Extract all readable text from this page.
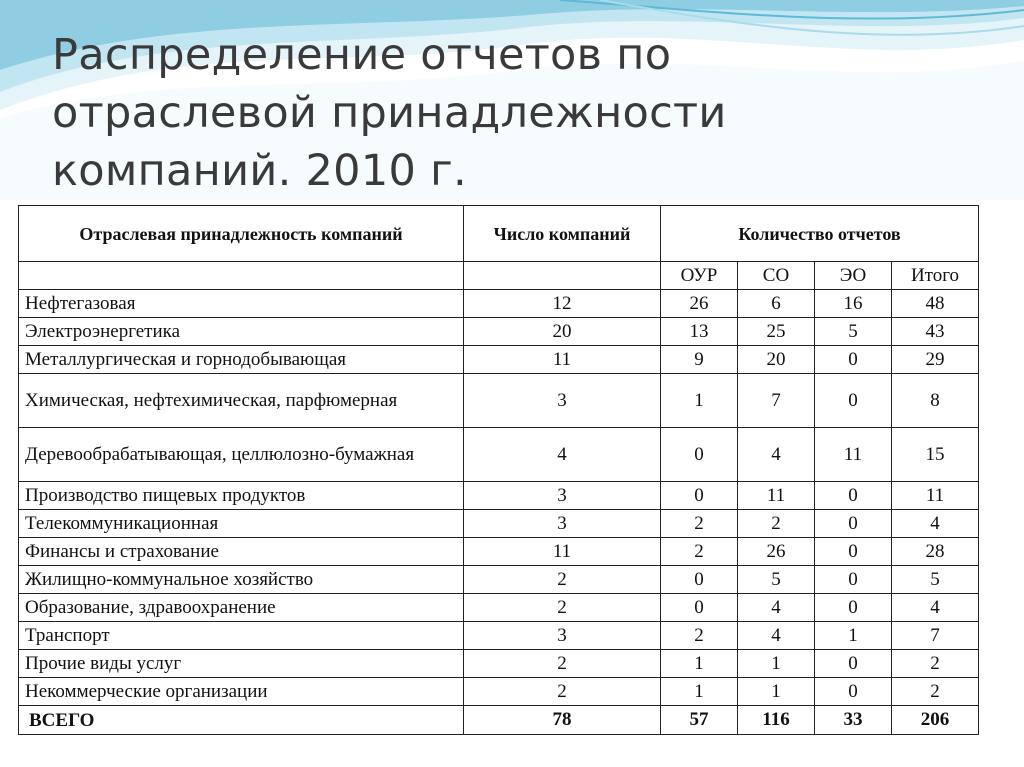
Распределение отчетов по
отраслевой принадлежности
компаний. 2010 г.
Отраслевая принадлежность компаний	Число компаний	Количество отчетов			
		ОУР	СО	ЭО	Итого
Нефтегазовая	12	26	6	16	48
Электроэнергетика	20	13	25	5	43
Металлургическая и горнодобывающая	11	9	20	0	29
Химическая, нефтехимическая, парфюмерная	3	1	7	0	8
Деревообрабатывающая, целлюлозно-бумажная	4	0	4	11	15
Производство пищевых продуктов	3	0	11	0	11
Телекоммуникационная	3	2	2	0	4
Финансы и страхование	11	2	26	0	28
Жилищно-коммунальное хозяйство	2	0	5	0	5
Образование, здравоохранение	2	0	4	0	4
Транспорт	3	2	4	1	7
Прочие виды услуг	2	1	1	0	2
Некоммерческие организации	2	1	1	0	2
ВСЕГО	78	57	116	33	206
